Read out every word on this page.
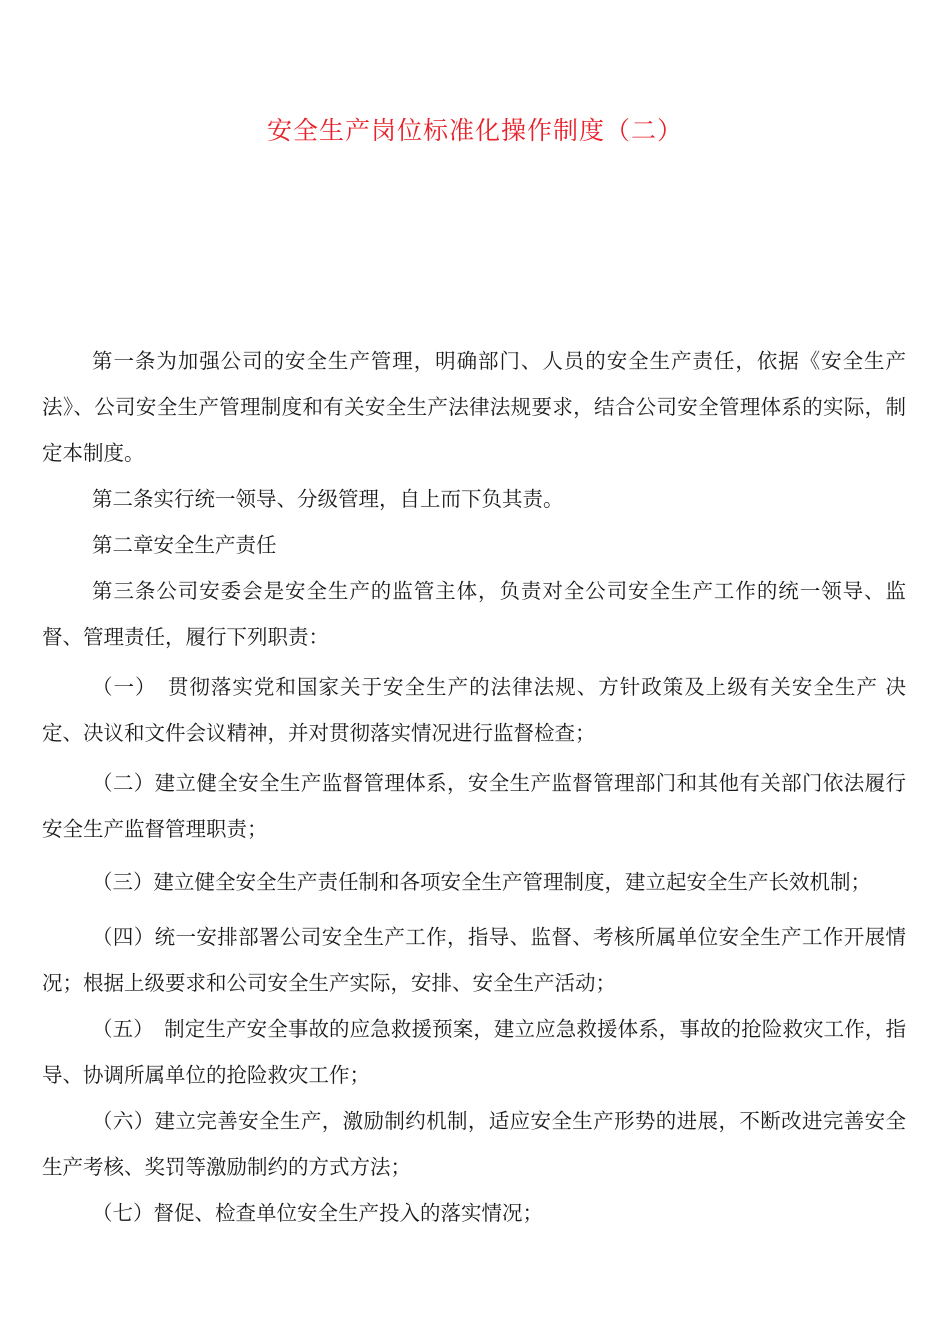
安全生产岗位标准化操作制度（二）

第一条为加强公司的安全生产管理，明确部门、人员的安全生产责任，依据《安全生产法》、公司安全生产管理制度和有关安全生产法律法规要求，结合公司安全管理体系的实际，制定本制度。

第二条实行统一领导、分级管理，自上而下负其责。

第二章安全生产责任

第三条公司安委会是安全生产的监管主体，负责对全公司安全生产工作的统一领导、监督、管理责任，履行下列职责：

（一）　贯彻落实党和国家关于安全生产的法律法规、方针政策及上级有关安全生产 决定、决议和文件会议精神，并对贯彻落实情况进行监督检查；

（二）建立健全安全生产监督管理体系，安全生产监督管理部门和其他有关部门依法履行安全生产监督管理职责；

（三）建立健全安全生产责任制和各项安全生产管理制度，建立起安全生产长效机制；

（四）统一安排部署公司安全生产工作，指导、监督、考核所属单位安全生产工作开展情况；根据上级要求和公司安全生产实际，安排、安全生产活动；

（五）　制定生产安全事故的应急救援预案，建立应急救援体系，事故的抢险救灾工作，指导、协调所属单位的抢险救灾工作；

（六）建立完善安全生产，激励制约机制，适应安全生产形势的进展，不断改进完善安全生产考核、奖罚等激励制约的方式方法；

（七）督促、检查单位安全生产投入的落实情况；
